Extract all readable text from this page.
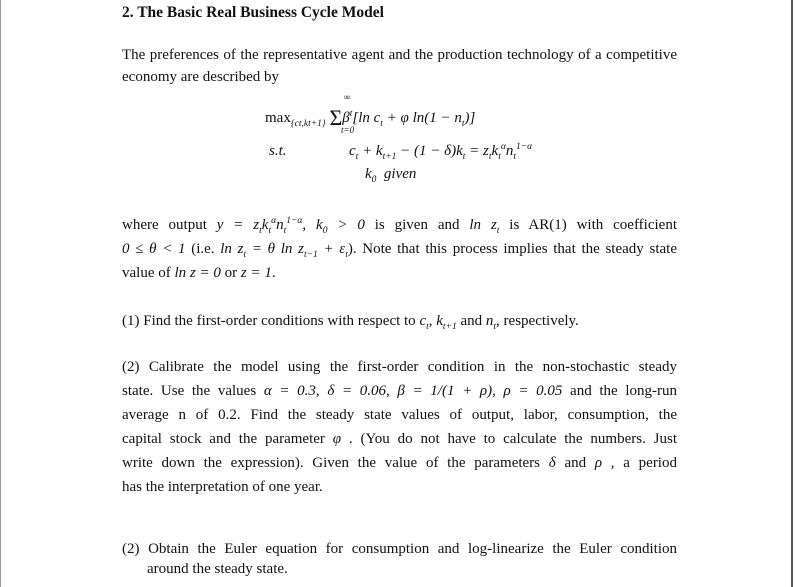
2. The Basic Real Business Cycle Model
The preferences of the representative agent and the production technology of a competitive economy are described by
$\max_{\{ct,kt+1\}} \Sigma\beta^t[\ln$ $c_t + \varphi$ $\ln(1 - n_t)$]
∞
t=0
s.t.	$c_t + k_{t+1} - (1 - \delta)k_t = z_tk_t^\alpha n_t^{1-\alpha}$
$k_0$ given
where output $y = z_tk_t^\alpha n_t^{1-\alpha}$, $k_0 > 0$ is given and $\ln z_t$ is AR(1) with coefficient
0 ≤ θ < 1 (i.e. $\ln z_t = \theta$ $\ln z_{t-1} + \varepsilon_t$). Note that this process implies that the steady state
value of ln z = 0 or z = 1.
(1) Find the first-order conditions with respect to $c_t$, $k_{t+1}$ and $n_t$, respectively.
(2) Calibrate the model using the first-order condition in the non-stochastic steady
state. Use the values α = 0.3, δ = 0.06, β = 1/(1 + ρ), ρ = 0.05 and the long-run
average n of 0.2. Find the steady state values of output, labor, consumption, the
capital stock and the parameter φ . (You do not have to calculate the numbers. Just
write down the expression). Given the value of the parameters δ and ρ , a period
has the interpretation of one year.
(2) Obtain the Euler equation for consumption and log-linearize the Euler condition
around the steady state.
